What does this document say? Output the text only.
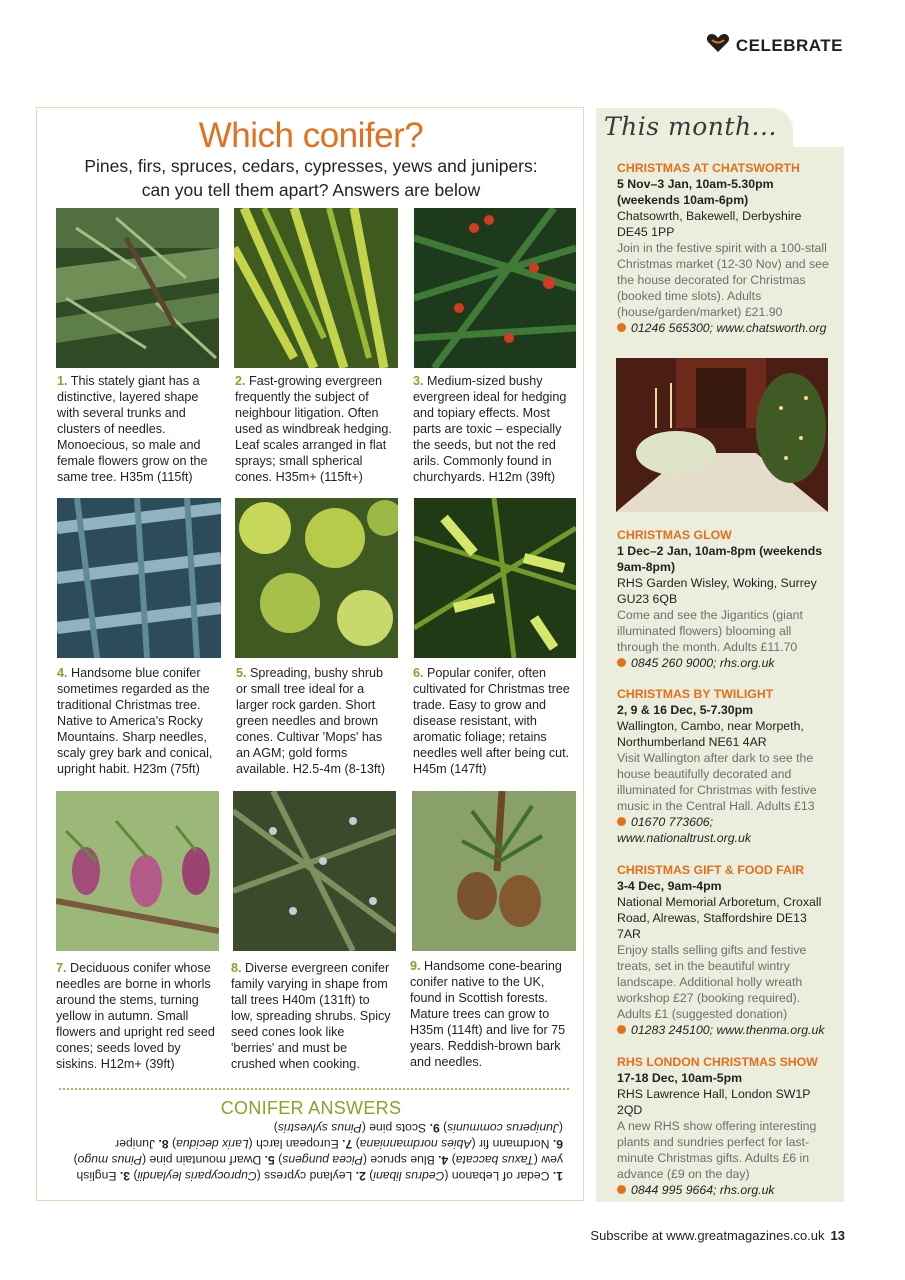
CELEBRATE
Which conifer?
Pines, firs, spruces, cedars, cypresses, yews and junipers:
can you tell them apart? Answers are below
1. This stately giant has a distinctive, layered shape with several trunks and clusters of needles. Monoecious, so male and female flowers grow on the same tree. H35m (115ft)
2. Fast-growing evergreen frequently the subject of neighbour litigation. Often used as windbreak hedging. Leaf scales arranged in flat sprays; small spherical cones. H35m+ (115ft+)
3. Medium-sized bushy evergreen ideal for hedging and topiary effects. Most parts are toxic – especially the seeds, but not the red arils. Commonly found in churchyards. H12m (39ft)
4. Handsome blue conifer sometimes regarded as the traditional Christmas tree. Native to America's Rocky Mountains. Sharp needles, scaly grey bark and conical, upright habit. H23m (75ft)
5. Spreading, bushy shrub or small tree ideal for a larger rock garden. Short green needles and brown cones. Cultivar 'Mops' has an AGM; gold forms available. H2.5-4m (8-13ft)
6. Popular conifer, often cultivated for Christmas tree trade. Easy to grow and disease resistant, with aromatic foliage; retains needles well after being cut. H45m (147ft)
7. Deciduous conifer whose needles are borne in whorls around the stems, turning yellow in autumn. Small flowers and upright red seed cones; seeds loved by siskins. H12m+ (39ft)
8. Diverse evergreen conifer family varying in shape from tall trees H40m (131ft) to low, spreading shrubs. Spicy seed cones look like 'berries' and must be crushed when cooking.
9. Handsome cone-bearing conifer native to the UK, found in Scottish forests. Mature trees can grow to H35m (114ft) and live for 75 years. Reddish-brown bark and needles.
CONIFER ANSWERS
1. Cedar of Lebanon (Cedrus libani) 2. Leyland cypress (Cuprocyparis leylandii) 3. English yew (Taxus baccata) 4. Blue spruce (Picea pungens) 5. Dwarf mountain pine (Pinus mugo) 6. Nordmann fir (Abies nordmanniana) 7. European larch (Larix decidua) 8. Juniper (Juniperus communis) 9. Scots pine (Pinus sylvestris)
This month...
CHRISTMAS AT CHATSWORTH
5 Nov–3 Jan, 10am-5.30pm (weekends 10am-6pm)
Chatsowrth, Bakewell, Derbyshire DE45 1PP
Join in the festive spirit with a 100-stall Christmas market (12-30 Nov) and see the house decorated for Christmas (booked time slots). Adults (house/garden/market) £21.90
01246 565300; www.chatsworth.org
CHRISTMAS GLOW
1 Dec–2 Jan, 10am-8pm (weekends 9am-8pm)
RHS Garden Wisley, Woking, Surrey GU23 6QB
Come and see the Jigantics (giant illuminated flowers) blooming all through the month. Adults £11.70
0845 260 9000; rhs.org.uk
CHRISTMAS BY TWILIGHT
2, 9 & 16 Dec, 5-7.30pm
Wallington, Cambo, near Morpeth, Northumberland NE61 4AR
Visit Wallington after dark to see the house beautifully decorated and illuminated for Christmas with festive music in the Central Hall. Adults £13
01670 773606; www.nationaltrust.org.uk
CHRISTMAS GIFT & FOOD FAIR
3-4 Dec, 9am-4pm
National Memorial Arboretum, Croxall Road, Alrewas, Staffordshire DE13 7AR
Enjoy stalls selling gifts and festive treats, set in the beautiful wintry landscape. Additional holly wreath workshop £27 (booking required). Adults £1 (suggested donation)
01283 245100; www.thenma.org.uk
RHS LONDON CHRISTMAS SHOW
17-18 Dec, 10am-5pm
RHS Lawrence Hall, London SW1P 2QD
A new RHS show offering interesting plants and sundries perfect for last-minute Christmas gifts. Adults £6 in advance (£9 on the day)
0844 995 9664; rhs.org.uk
Subscribe at www.greatmagazines.co.uk 13
